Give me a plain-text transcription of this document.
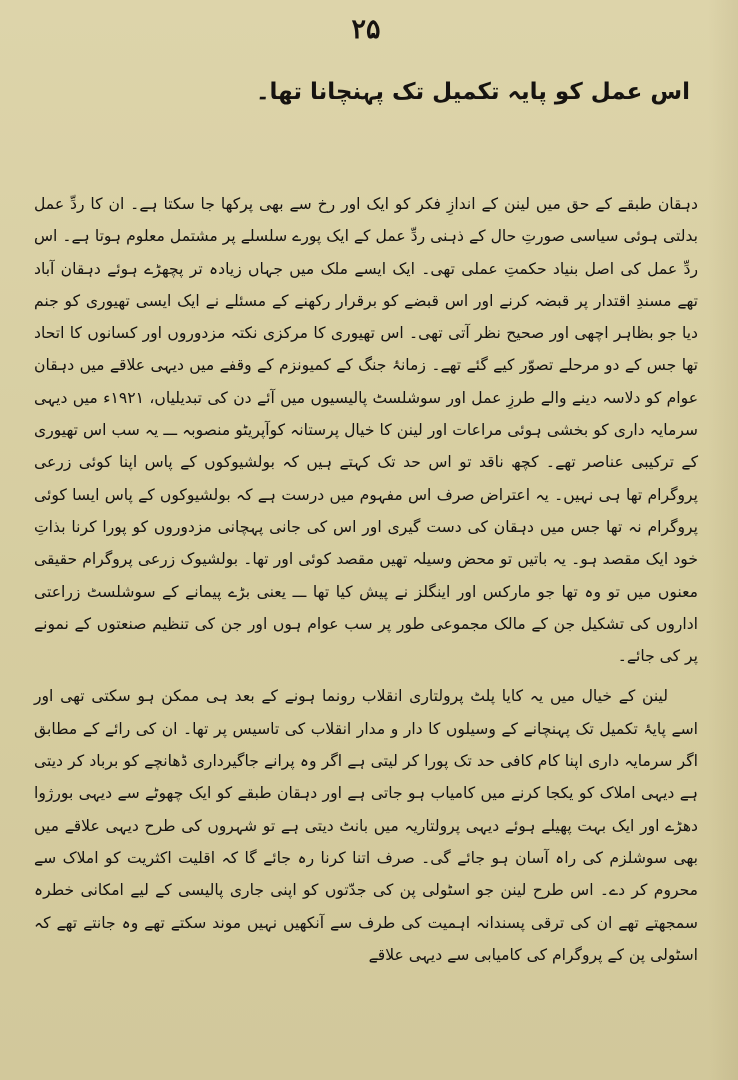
۲۵
اس عمل کو پایہ تکمیل تک پہنچانا تھا۔

دہقان طبقے کے حق میں لینن کے اندازِ فکر کو ایک اور رخ سے بھی پرکھا جا سکتا ہے۔ ان کا ردِّ عمل بدلتی ہوئی سیاسی صورتِ حال کے ذہنی ردِّ عمل کے ایک پورے سلسلے پر مشتمل معلوم ہوتا ہے۔ اس ردِّ عمل کی اصل بنیاد حکمتِ عملی تھی۔ ایک ایسے ملک میں جہاں زیادہ تر پچھڑے ہوئے دہقان آباد تھے مسندِ اقتدار پر قبضہ کرنے اور اس قبضے کو برقرار رکھنے کے مسئلے نے ایک ایسی تھیوری کو جنم دیا جو بظاہر اچھی اور صحیح نظر آتی تھی۔ اس تھیوری کا مرکزی نکتہ مزدوروں اور کسانوں کا اتحاد تھا جس کے دو مرحلے تصوّر کیے گئے تھے۔ زمانۂ جنگ کے کمیونزم کے وقفے میں دیہی علاقے میں دہقان عوام کو دلاسہ دینے والے طرزِ عمل اور سوشلسٹ پالیسیوں میں آئے دن کی تبدیلیاں، ۱۹۲۱ء میں دیہی سرمایہ داری کو بخشی ہوئی مراعات اور لینن کا خیال پرستانہ کوآپریٹو منصوبہ ـــ یہ سب اس تھیوری کے ترکیبی عناصر تھے۔ کچھ ناقد تو اس حد تک کہتے ہیں کہ بولشیوکوں کے پاس اپنا کوئی زرعی پروگرام تھا ہی نہیں۔ یہ اعتراض صرف اس مفہوم میں درست ہے کہ بولشیوکوں کے پاس ایسا کوئی پروگرام نہ تھا جس میں دہقان کی دست گیری اور اس کی جانی پہچانی مزدوروں کو پورا کرنا بذاتِ خود ایک مقصد ہو۔ یہ باتیں تو محض وسیلہ تھیں مقصد کوئی اور تھا۔ بولشیوک زرعی پروگرام حقیقی معنوں میں تو وہ تھا جو مارکس اور اینگلز نے پیش کیا تھا ـــ یعنی بڑے پیمانے کے سوشلسٹ زراعتی اداروں کی تشکیل جن کے مالک مجموعی طور پر سب عوام ہوں اور جن کی تنظیم صنعتوں کے نمونے پر کی جائے۔

لینن کے خیال میں یہ کایا پلٹ پرولتاری انقلاب رونما ہونے کے بعد ہی ممکن ہو سکتی تھی اور اسے پایۂ تکمیل تک پہنچانے کے وسیلوں کا دار و مدار انقلاب کی تاسیس پر تھا۔ ان کی رائے کے مطابق اگر سرمایہ داری اپنا کام کافی حد تک پورا کر لیتی ہے اگر وہ پرانے جاگیرداری ڈھانچے کو برباد کر دیتی ہے دیہی املاک کو یکجا کرنے میں کامیاب ہو جاتی ہے اور دہقان طبقے کو ایک چھوٹے سے دیہی بورژوا دھڑے اور ایک بہت پھیلے ہوئے دیہی پرولتاریہ میں بانٹ دیتی ہے تو شہروں کی طرح دیہی علاقے میں بھی سوشلزم کی راہ آسان ہو جائے گی۔ صرف اتنا کرنا رہ جائے گا کہ اقلیت اکثریت کو املاک سے محروم کر دے۔ اس طرح لینن جو اسٹولی پن کی جدّتوں کو اپنی جاری پالیسی کے لیے امکانی خطرہ سمجھتے تھے ان کی ترقی پسندانہ اہمیت کی طرف سے آنکھیں نہیں موند سکتے تھے وہ جانتے تھے کہ اسٹولی پن کے پروگرام کی کامیابی سے دیہی علاقے
